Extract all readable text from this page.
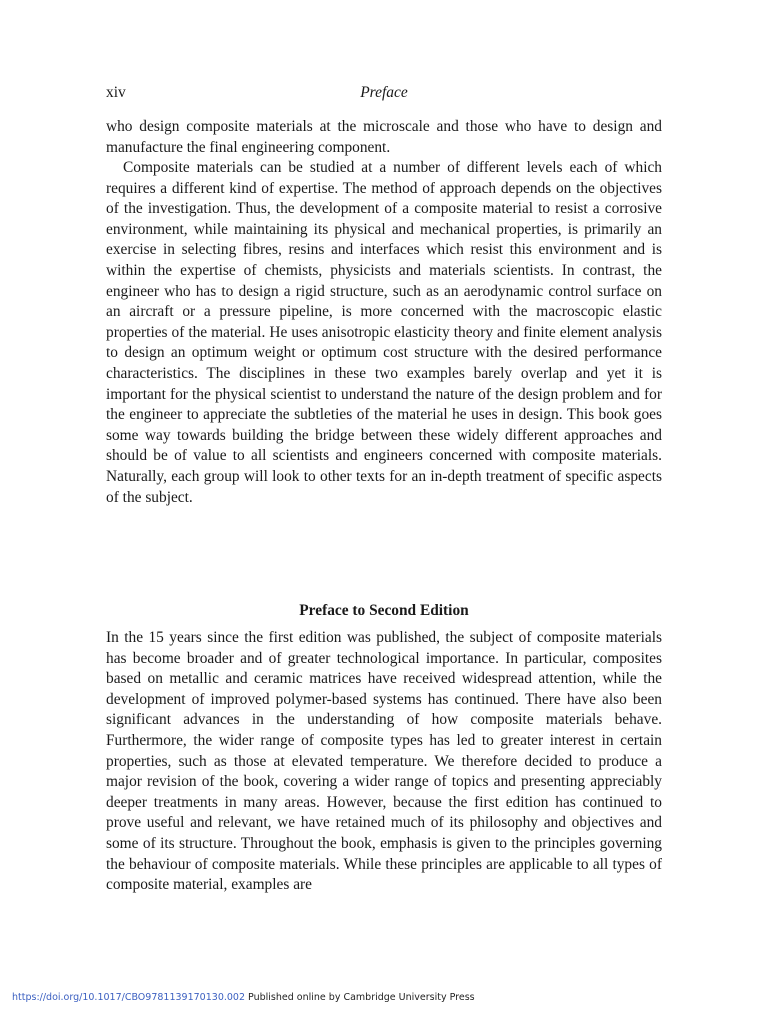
xiv	Preface

who design composite materials at the microscale and those who have to design and manufacture the final engineering component.

Composite materials can be studied at a number of different levels each of which requires a different kind of expertise. The method of approach depends on the objectives of the investigation. Thus, the development of a composite material to resist a corrosive environment, while maintaining its physical and mechanical properties, is primarily an exercise in selecting fibres, resins and interfaces which resist this environment and is within the expertise of chemists, physicists and materials scientists. In contrast, the engineer who has to design a rigid structure, such as an aerodynamic control surface on an aircraft or a pressure pipeline, is more concerned with the macroscopic elastic properties of the material. He uses anisotropic elasticity theory and finite element analysis to design an optimum weight or optimum cost structure with the desired performance characteristics. The disciplines in these two examples barely overlap and yet it is important for the physical scientist to understand the nature of the design problem and for the engineer to appreciate the subtleties of the material he uses in design. This book goes some way towards building the bridge between these widely different approaches and should be of value to all scientists and engineers concerned with composite materials. Naturally, each group will look to other texts for an in-depth treatment of specific aspects of the subject.

Preface to Second Edition

In the 15 years since the first edition was published, the subject of composite materials has become broader and of greater technological importance. In particular, composites based on metallic and ceramic matrices have received widespread attention, while the development of improved polymer-based systems has continued. There have also been significant advances in the understanding of how composite materials behave. Furthermore, the wider range of composite types has led to greater interest in certain properties, such as those at elevated temperature. We therefore decided to produce a major revision of the book, covering a wider range of topics and presenting appreciably deeper treatments in many areas. However, because the first edition has continued to prove useful and relevant, we have retained much of its philosophy and objectives and some of its structure. Throughout the book, emphasis is given to the principles governing the behaviour of composite materials. While these principles are applicable to all types of composite material, examples are

https://doi.org/10.1017/CBO9781139170130.002 Published online by Cambridge University Press
